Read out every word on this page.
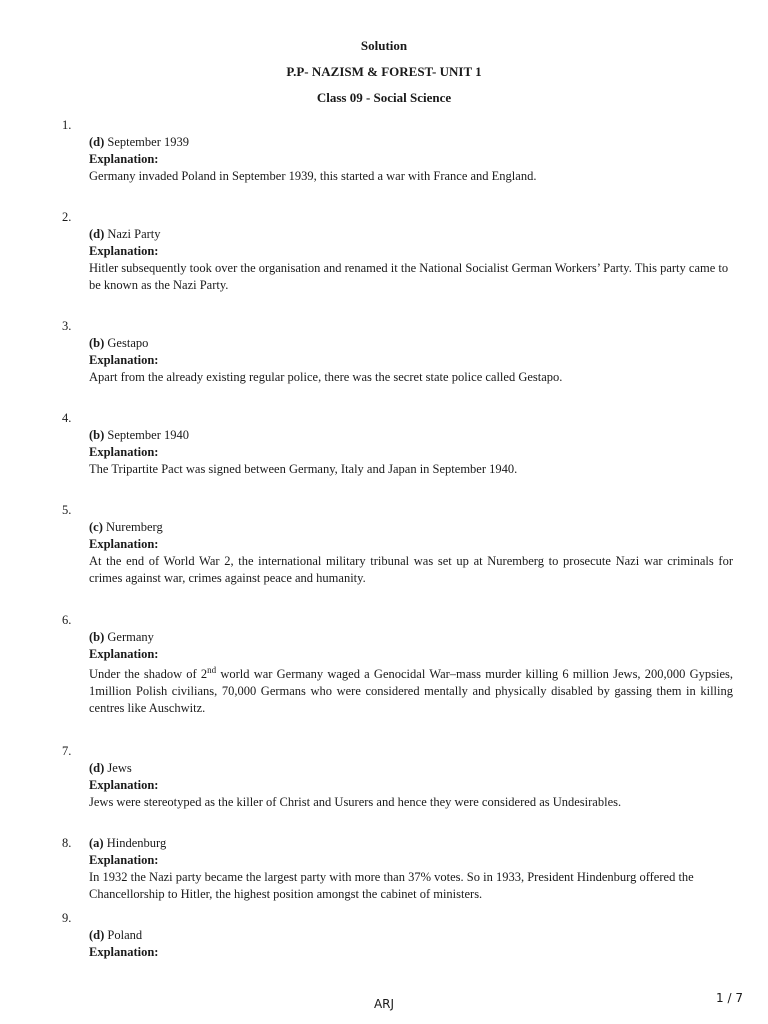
Solution
P.P- NAZISM & FOREST- UNIT 1
Class 09 - Social Science
1.
(d) September 1939
Explanation:
Germany invaded Poland in September 1939, this started a war with France and England.
2.
(d) Nazi Party
Explanation:
Hitler subsequently took over the organisation and renamed it the National Socialist German Workers’ Party. This party came to be known as the Nazi Party.
3.
(b) Gestapo
Explanation:
Apart from the already existing regular police, there was the secret state police called Gestapo.
4.
(b) September 1940
Explanation:
The Tripartite Pact was signed between Germany, Italy and Japan in September 1940.
5.
(c) Nuremberg
Explanation:
At the end of World War 2, the international military tribunal was set up at Nuremberg to prosecute Nazi war criminals for crimes against war, crimes against peace and humanity.
6.
(b) Germany
Explanation:
Under the shadow of 2nd world war Germany waged a Genocidal War–mass murder killing 6 million Jews, 200,000 Gypsies, 1million Polish civilians, 70,000 Germans who were considered mentally and physically disabled by gassing them in killing centres like Auschwitz.
7.
(d) Jews
Explanation:
Jews were stereotyped as the killer of Christ and Usurers and hence they were considered as Undesirables.
8. (a) Hindenburg
Explanation:
In 1932 the Nazi party became the largest party with more than 37% votes. So in 1933, President Hindenburg offered the Chancellorship to Hitler, the highest position amongst the cabinet of ministers.
9.
(d) Poland
Explanation:
ARJ	1 / 7
